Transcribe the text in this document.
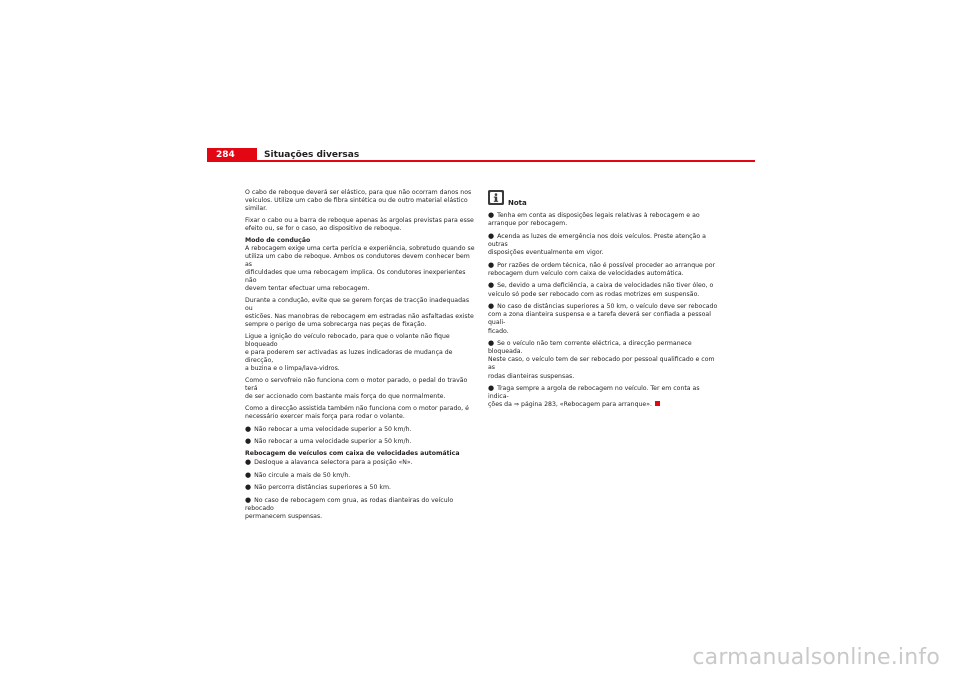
284	Situações diversas

O cabo de reboque deverá ser elástico, para que não ocorram danos nos
veículos. Utilize um cabo de fibra sintética ou de outro material elástico
similar.

Fixar o cabo ou a barra de reboque apenas às argolas previstas para esse
efeito ou, se for o caso, ao dispositivo de reboque.

Modo de condução

A rebocagem exige uma certa perícia e experiência, sobretudo quando se
utiliza um cabo de reboque. Ambos os condutores devem conhecer bem as
dificuldades que uma rebocagem implica. Os condutores inexperientes não
devem tentar efectuar uma rebocagem.

Durante a condução, evite que se gerem forças de tracção inadequadas ou
esticões. Nas manobras de rebocagem em estradas não asfaltadas existe
sempre o perigo de uma sobrecarga nas peças de fixação.

Ligue a ignição do veículo rebocado, para que o volante não fique bloqueado
e para poderem ser activadas as luzes indicadoras de mudança de direcção,
a buzina e o limpa/lava-vidros.

Como o servofreio não funciona com o motor parado, o pedal do travão terá
de ser accionado com bastante mais força do que normalmente.

Como a direcção assistida também não funciona com o motor parado, é
necessário exercer mais força para rodar o volante.

● Não rebocar a uma velocidade superior a 50 km/h.
● Não rebocar a uma velocidade superior a 50 km/h.

Rebocagem de veículos com caixa de velocidades automática

● Desloque a alavanca selectora para a posição «N».
● Não circule a mais de 50 km/h.
● Não percorra distâncias superiores a 50 km.
● No caso de rebocagem com grua, as rodas dianteiras do veículo rebocado
permanecem suspensas.
Nota
● Tenha em conta as disposições legais relativas à rebocagem e ao
arranque por rebocagem.
● Acenda as luzes de emergência nos dois veículos. Preste atenção a outras
disposições eventualmente em vigor.
● Por razões de ordem técnica, não é possível proceder ao arranque por
rebocagem dum veículo com caixa de velocidades automática.
● Se, devido a uma deficiência, a caixa de velocidades não tiver óleo, o
veículo só pode ser rebocado com as rodas motrizes em suspensão.
● No caso de distâncias superiores a 50 km, o veículo deve ser rebocado
com a zona dianteira suspensa e a tarefa deverá ser confiada a pessoal quali-
ficado.
● Se o veículo não tem corrente eléctrica, a direcção permanece bloqueada.
Neste caso, o veículo tem de ser rebocado por pessoal qualificado e com as
rodas dianteiras suspensas.
● Traga sempre a argola de rebocagem no veículo. Ter em conta as indica-
ções da ⇒ página 283, «Rebocagem para arranque».
carmanualsonline.info
